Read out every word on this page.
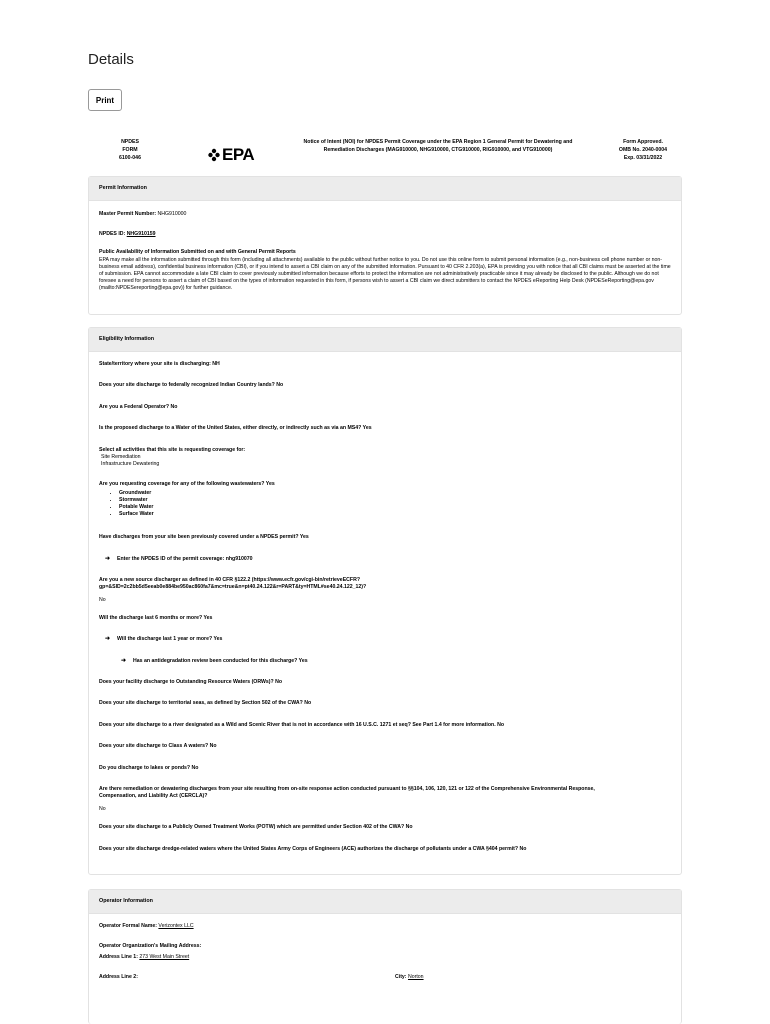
Details
Print
NPDES
FORM
6100-046	EPA
Notice of Intent (NOI) for NPDES Permit Coverage under the EPA Region 1 General Permit for Dewatering and
Remediation Discharges (MAG910000, NHG910000, CTG910000, RIG910000, and VTG910000)
Form Approved.
OMB No. 2040-0004
Exp. 03/31/2022
Permit Information
Master Permit Number: NHG910000
NPDES ID: NHG910159
Public Availability of Information Submitted on and with General Permit Reports
EPA may make all the information submitted through this form (including all attachments) available to the public without further notice to you. Do not use this online form to submit personal information (e.g., non-business cell phone number or non-business email address), confidential business information (CBI), or if you intend to assert a CBI claim on any of the submitted information. Pursuant to 40 CFR 2.203(a), EPA is providing you with notice that all CBI claims must be asserted at the time of submission. EPA cannot accommodate a late CBI claim to cover previously submitted information because efforts to protect the information are not administratively practicable since it may already be disclosed to the public. Although we do not foresee a need for persons to assert a claim of CBI based on the types of information requested in this form, if persons wish to assert a CBI claim we direct submitters to contact the NPDES eReporting Help Desk (NPDESeReporting@epa.gov (mailto:NPDESereporting@epa.gov)) for further guidance.
Eligibility Information
State/territory where your site is discharging: NH
Does your site discharge to federally recognized Indian Country lands? No
Are you a Federal Operator? No
Is the proposed discharge to a Water of the United States, either directly, or indirectly such as via an MS4? Yes
Select all activities that this site is requesting coverage for:
Site Remediation
Infrastructure Dewatering
Are you requesting coverage for any of the following wastewaters? Yes
• Groundwater
• Stormwater
• Potable Water
• Surface Water
Have discharges from your site been previously covered under a NPDES permit? Yes
➜ Enter the NPDES ID of the permit coverage: nhg910070
Are you a new source discharger as defined in 40 CFR §122.2 (https://www.ecfr.gov/cgi-bin/retrieveECFR?
gp=&SID=2c2bb5d5eeab0e884be950ac860fa7&mc=true&n=pt40.24.122&r=PART&ty=HTML#se40.24.122_12)?
No
Will the discharge last 6 months or more? Yes
➜ Will the discharge last 1 year or more? Yes
➜ Has an antidegradation review been conducted for this discharge? Yes
Does your facility discharge to Outstanding Resource Waters (ORWs)? No
Does your site discharge to territorial seas, as defined by Section 502 of the CWA? No
Does your site discharge to a river designated as a Wild and Scenic River that is not in accordance with 16 U.S.C. 1271 et seq? See Part 1.4 for more information. No
Does your site discharge to Class A waters? No
Do you discharge to lakes or ponds? No
Are there remediation or dewatering discharges from your site resulting from on-site response action conducted pursuant to §§104, 106, 120, 121 or 122 of the Comprehensive Environmental Response,
Compensation, and Liability Act (CERCLA)?
No
Does your site discharge to a Publicly Owned Treatment Works (POTW) which are permitted under Section 402 of the CWA? No
Does your site discharge dredge-related waters where the United States Army Corps of Engineers (ACE) authorizes the discharge of pollutants under a CWA §404 permit? No
Operator Information
Operator Formal Name: Verizontex LLC
Operator Organization's Mailing Address:
Address Line 1: 273 West Main Street
Address Line 2:	City: Norton
